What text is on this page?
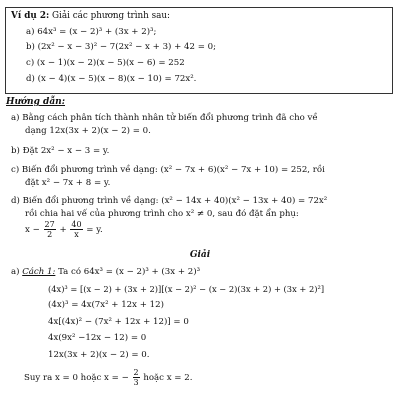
Ví dụ 2: Giải các phương trình sau:
a) 64x³ = (x − 2)³ + (3x + 2)³;
b) (2x² − x − 3)² − 7(2x² − x + 3) + 42 = 0;
c) (x − 1)(x − 2)(x − 5)(x − 6) = 252
d) (x − 4)(x − 5)(x − 8)(x − 10) = 72x².
Hướng dẫn:
a) Bằng cách phân tích thành nhân tử biến đổi phương trình đã cho về
dạng 12x(3x + 2)(x − 2) = 0.
b) Đặt 2x² − x − 3 = y.
c) Biến đổi phương trình về dạng: (x² − 7x + 6)(x² − 7x + 10) = 252, rồi
đặt x² − 7x + 8 = y.
d) Biến đổi phương trình về dạng: (x² − 14x + 40)(x² − 13x + 40) = 72x²
rồi chia hai vế của phương trình cho x² ≠ 0, sau đó đặt ẩn phụ:
$x - \frac{27}{2} + \frac{40}{x} = y$.
Giải
a) Cách 1: Ta có 64x³ = (x − 2)³ + (3x + 2)³
(4x)³ = [(x − 2) + (3x + 2)][(x − 2)² − (x − 2)(3x + 2) + (3x + 2)²]
(4x)³ = 4x(7x² + 12x + 12)
4x[(4x)² − (7x² + 12x + 12)] = 0
4x(9x² −12x − 12) = 0
12x(3x + 2)(x − 2) = 0.
Suy ra x = 0 hoặc x = − $\frac{2}{3}$ hoặc x = 2.
